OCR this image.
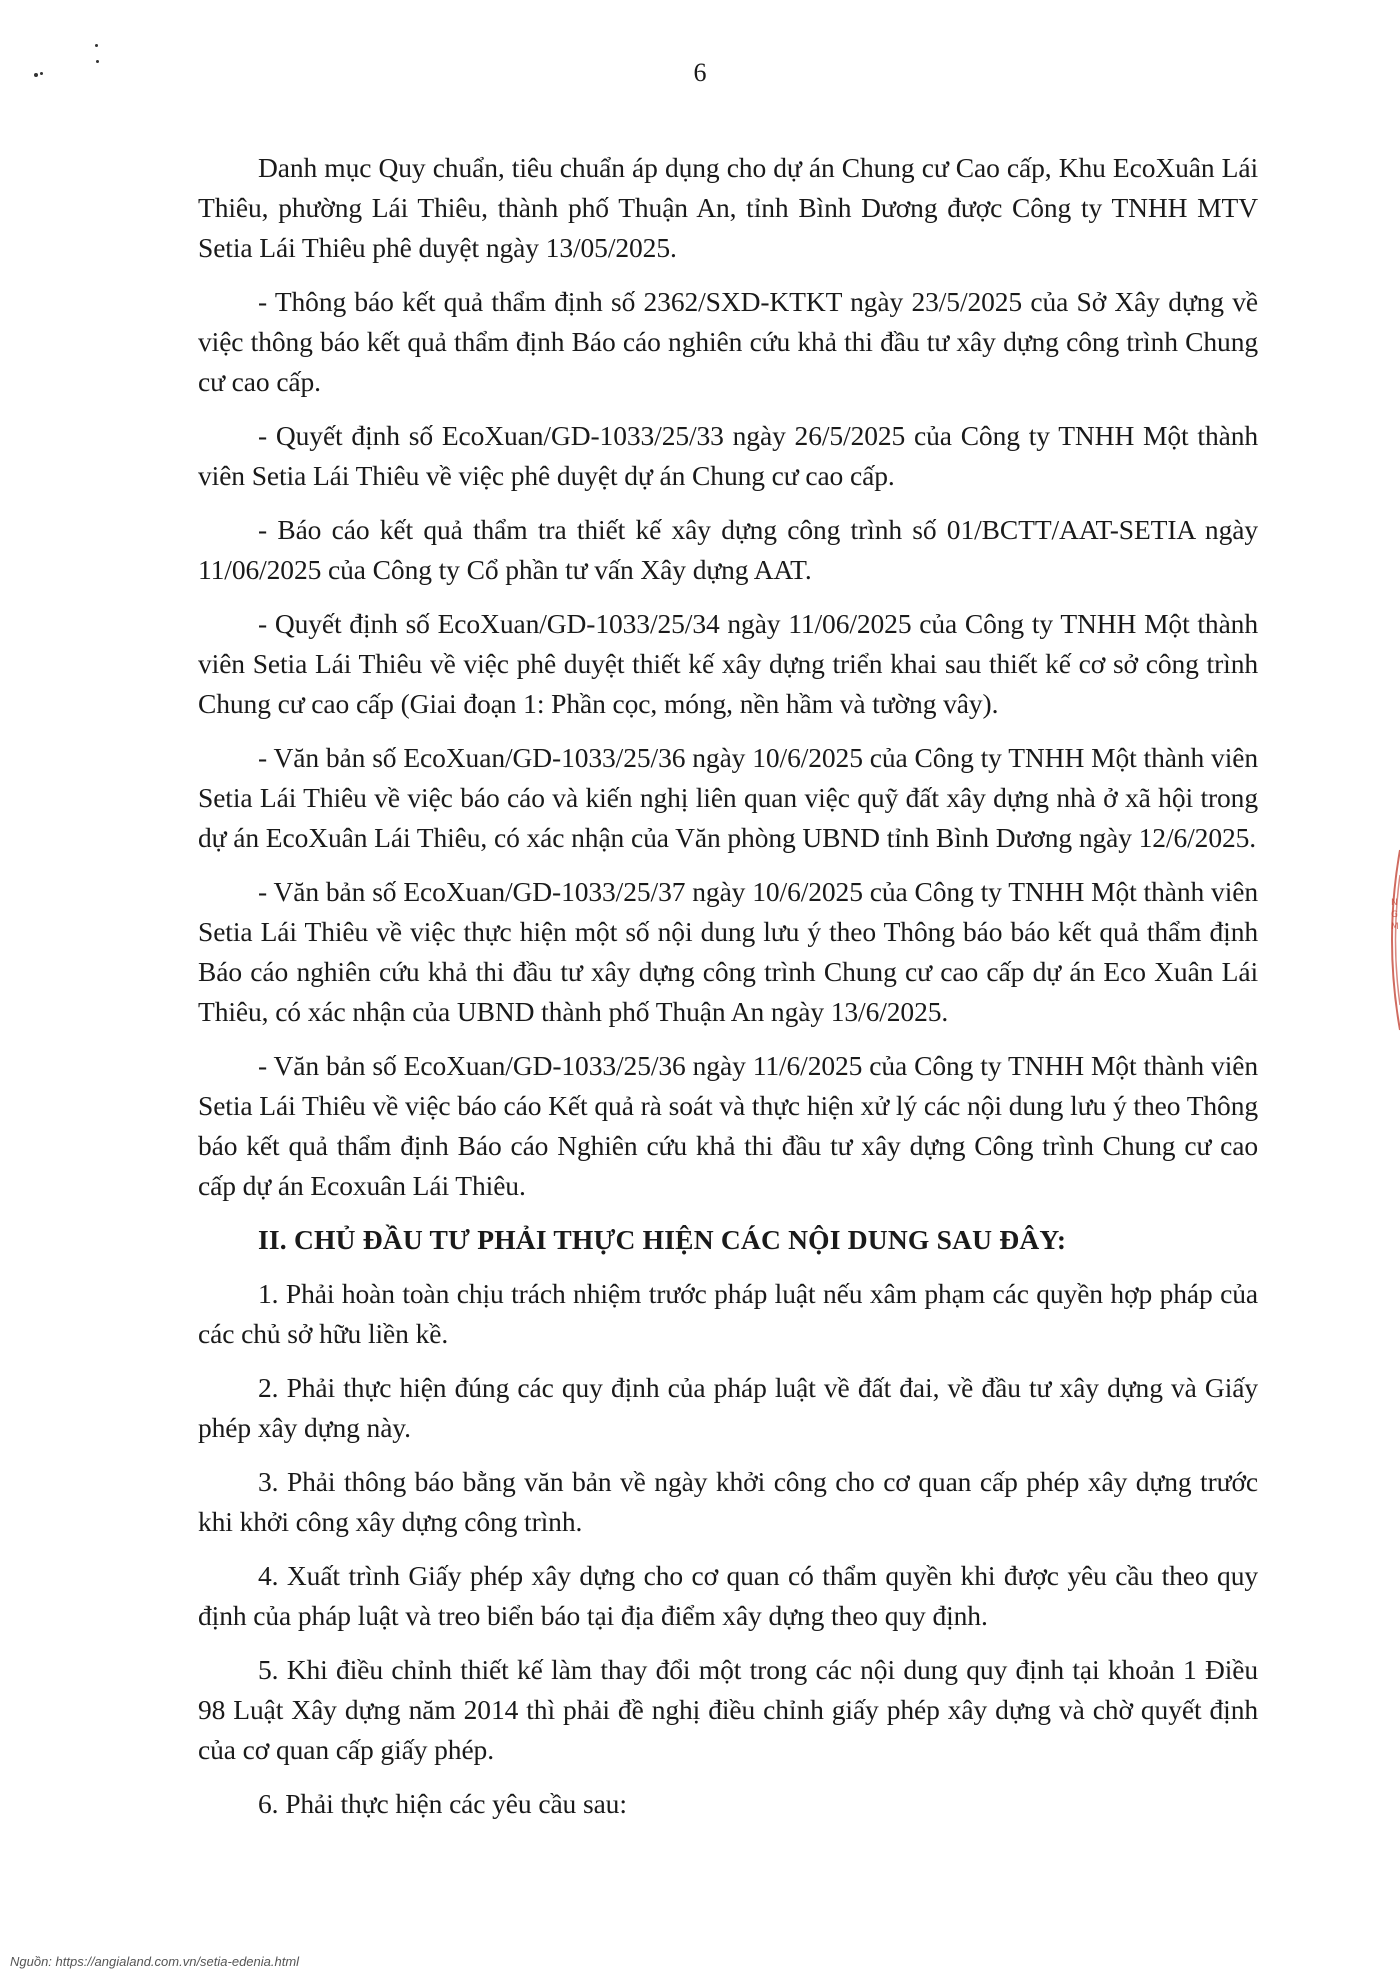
6

Danh mục Quy chuẩn, tiêu chuẩn áp dụng cho dự án Chung cư Cao cấp, Khu EcoXuân Lái Thiêu, phường Lái Thiêu, thành phố Thuận An, tỉnh Bình Dương được Công ty TNHH MTV Setia Lái Thiêu phê duyệt ngày 13/05/2025.

- Thông báo kết quả thẩm định số 2362/SXD-KTKT ngày 23/5/2025 của Sở Xây dựng về việc thông báo kết quả thẩm định Báo cáo nghiên cứu khả thi đầu tư xây dựng công trình Chung cư cao cấp.

- Quyết định số EcoXuan/GD-1033/25/33 ngày 26/5/2025 của Công ty TNHH Một thành viên Setia Lái Thiêu về việc phê duyệt dự án Chung cư cao cấp.

- Báo cáo kết quả thẩm tra thiết kế xây dựng công trình số 01/BCTT/AAT-SETIA ngày 11/06/2025 của Công ty Cổ phần tư vấn Xây dựng AAT.

- Quyết định số EcoXuan/GD-1033/25/34 ngày 11/06/2025 của Công ty TNHH Một thành viên Setia Lái Thiêu về việc phê duyệt thiết kế xây dựng triển khai sau thiết kế cơ sở công trình Chung cư cao cấp (Giai đoạn 1: Phần cọc, móng, nền hầm và tường vây).

- Văn bản số EcoXuan/GD-1033/25/36 ngày 10/6/2025 của Công ty TNHH Một thành viên Setia Lái Thiêu về việc báo cáo và kiến nghị liên quan việc quỹ đất xây dựng nhà ở xã hội trong dự án EcoXuân Lái Thiêu, có xác nhận của Văn phòng UBND tỉnh Bình Dương ngày 12/6/2025.

- Văn bản số EcoXuan/GD-1033/25/37 ngày 10/6/2025 của Công ty TNHH Một thành viên Setia Lái Thiêu về việc thực hiện một số nội dung lưu ý theo Thông báo báo kết quả thẩm định Báo cáo nghiên cứu khả thi đầu tư xây dựng công trình Chung cư cao cấp dự án Eco Xuân Lái Thiêu, có xác nhận của UBND thành phố Thuận An ngày 13/6/2025.

- Văn bản số EcoXuan/GD-1033/25/36 ngày 11/6/2025 của Công ty TNHH Một thành viên Setia Lái Thiêu về việc báo cáo Kết quả rà soát và thực hiện xử lý các nội dung lưu ý theo Thông báo kết quả thẩm định Báo cáo Nghiên cứu khả thi đầu tư xây dựng Công trình Chung cư cao cấp dự án Ecoxuân Lái Thiêu.

II. CHỦ ĐẦU TƯ PHẢI THỰC HIỆN CÁC NỘI DUNG SAU ĐÂY:

1. Phải hoàn toàn chịu trách nhiệm trước pháp luật nếu xâm phạm các quyền hợp pháp của các chủ sở hữu liền kề.

2. Phải thực hiện đúng các quy định của pháp luật về đất đai, về đầu tư xây dựng và Giấy phép xây dựng này.

3. Phải thông báo bằng văn bản về ngày khởi công cho cơ quan cấp phép xây dựng trước khi khởi công xây dựng công trình.

4. Xuất trình Giấy phép xây dựng cho cơ quan có thẩm quyền khi được yêu cầu theo quy định của pháp luật và treo biển báo tại địa điểm xây dựng theo quy định.

5. Khi điều chỉnh thiết kế làm thay đổi một trong các nội dung quy định tại khoản 1 Điều 98 Luật Xây dựng năm 2014 thì phải đề nghị điều chỉnh giấy phép xây dựng và chờ quyết định của cơ quan cấp giấy phép.

6. Phải thực hiện các yêu cầu sau:

N
G
M
Nguồn: https://angialand.com.vn/setia-edenia.html
